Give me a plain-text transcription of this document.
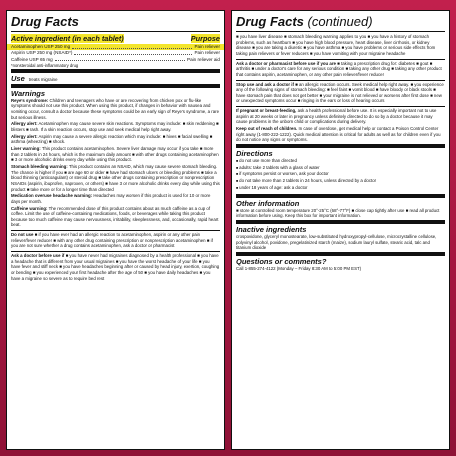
Drug Facts
Active ingredient (in each tablet)	Purpose
Acetaminophen USP 250 mg	Pain reliever
Aspirin USP 250 mg (NSAID*)	Pain reliever
Caffeine USP 65 mg	Pain reliever aid
*nonsteroidal anti-inflammatory drug
Use treats migraine
Warnings
Reye's syndrome: Children and teenagers who have or are recovering from chicken pox or flu-like symptoms should not use this product. When using this product, if changes in behavior with nausea and vomiting occur, consult a doctor because these symptoms could be an early sign of Reye's syndrome, a rare but serious illness.
Allergy alert: Acetaminophen may cause severe skin reactions. Symptoms may include: ■ skin reddening ■ blisters ■ rash. If a skin reaction occurs, stop use and seek medical help right away.
Allergy alert: Aspirin may cause a severe allergic reaction which may include: ■ hives ■ facial swelling ■ asthma (wheezing) ■ shock.
Liver warning: This product contains acetaminophen. Severe liver damage may occur if you take ■ more than 2 tablets in 24 hours, which is the maximum daily amount ■ with other drugs containing acetaminophen ■ 3 or more alcoholic drinks every day while using this product.
Stomach bleeding warning: This product contains an NSAID, which may cause severe stomach bleeding. The chance is higher if you ■ are age 60 or older ■ have had stomach ulcers or bleeding problems ■ take a blood thinning (anticoagulant) or steroid drug ■ take other drugs containing prescription or nonprescription NSAIDs (aspirin, ibuprofen, naproxen, or others) ■ have 3 or more alcoholic drinks every day while using this product ■ take more or for a longer time than directed
Medication overuse headache warning: Headaches may worsen if this product is used for 10 or more days per month.
Caffeine warning: The recommended dose of this product contains about as much caffeine as a cup of coffee. Limit the use of caffeine-containing medications, foods, or beverages while taking this product because too much caffeine may cause nervousness, irritability, sleeplessness, and, occasionally, rapid heart beat.
Do not use ■ if you have ever had an allergic reaction to acetaminophen, aspirin or any other pain reliever/fever reducer ■ with any other drug containing prescription or nonprescription acetaminophen ■ if you are not sure whether a drug contains acetaminophen, ask a doctor or pharmacist
Ask a doctor before use if ■ you have never had migraines diagnosed by a health professional ■ you have a headache that is different from your usual migraines ■ you have the worst headache of your life ■ you have fever and stiff neck ■ you have headaches beginning after or caused by head injury, exertion, coughing or bending ■ you experienced your first headache after the age of 50 ■ you have daily headaches ■ you have a migraine so severe as to require bed rest
Drug Facts (continued)
■ you have liver disease ■ stomach bleeding warning applies to you ■ you have a history of stomach problems, such as heartburn ■ you have high blood pressure, heart disease, liver cirrhosis, or kidney disease ■ you are taking a diuretic ■ you have asthma ■ you have problems or serious side effects from taking pain relievers or fever reducers ■ you have vomiting with your migraine headache
Ask a doctor or pharmacist before use if you are ■ taking a prescription drug for: diabetes ■ gout ■ arthritis ■ under a doctor's care for any serious condition ■ taking any other drug ■ taking any other product that contains aspirin, acetaminophen, or any other pain reliever/fever reducer
Stop use and ask a doctor if ■ an allergic reaction occurs. Seek medical help right away. ■ you experience any of the following signs of stomach bleeding: ■ feel faint ■ vomit blood ■ have bloody or black stools ■ have stomach pain that does not get better ■ your migraine is not relieved or worsens after first dose ■ new or unexpected symptoms occur ■ ringing in the ears or loss of hearing occurs
If pregnant or breast-feeding, ask a health professional before use. It is especially important not to use aspirin at 20 weeks or later in pregnancy unless definitely directed to do so by a doctor because it may cause problems in the unborn child or complications during delivery.
Keep out of reach of children. In case of overdose, get medical help or contact a Poison Control Center right away (1-800-222-1222). Quick medical attention is critical for adults as well as for children even if you do not notice any signs or symptoms.
Directions
■ do not use more than directed
■ adults: take 2 tablets with a glass of water
■ if symptoms persist or worsen, ask your doctor
■ do not take more than 2 tablets in 24 hours, unless directed by a doctor
■ under 18 years of age: ask a doctor
Other information
■ store at controlled room temperature 20°-25°C (68°-77°F) ■ close cap tightly after use ■ read all product information before using. Keep this box for important information.
Inactive ingredients
crospovidone, glyceryl monostearate, low-substituted hydroxypropyl-cellulose, microcrystalline cellulose, polyvinyl alcohol, povidone, pregelatinized starch (maize), sodium lauryl sulfate, stearic acid, talc and titanium dioxide
Questions or comments?
Call 1-855-274-4122 (Monday – Friday 8:30 AM to 5:00 PM EST)
